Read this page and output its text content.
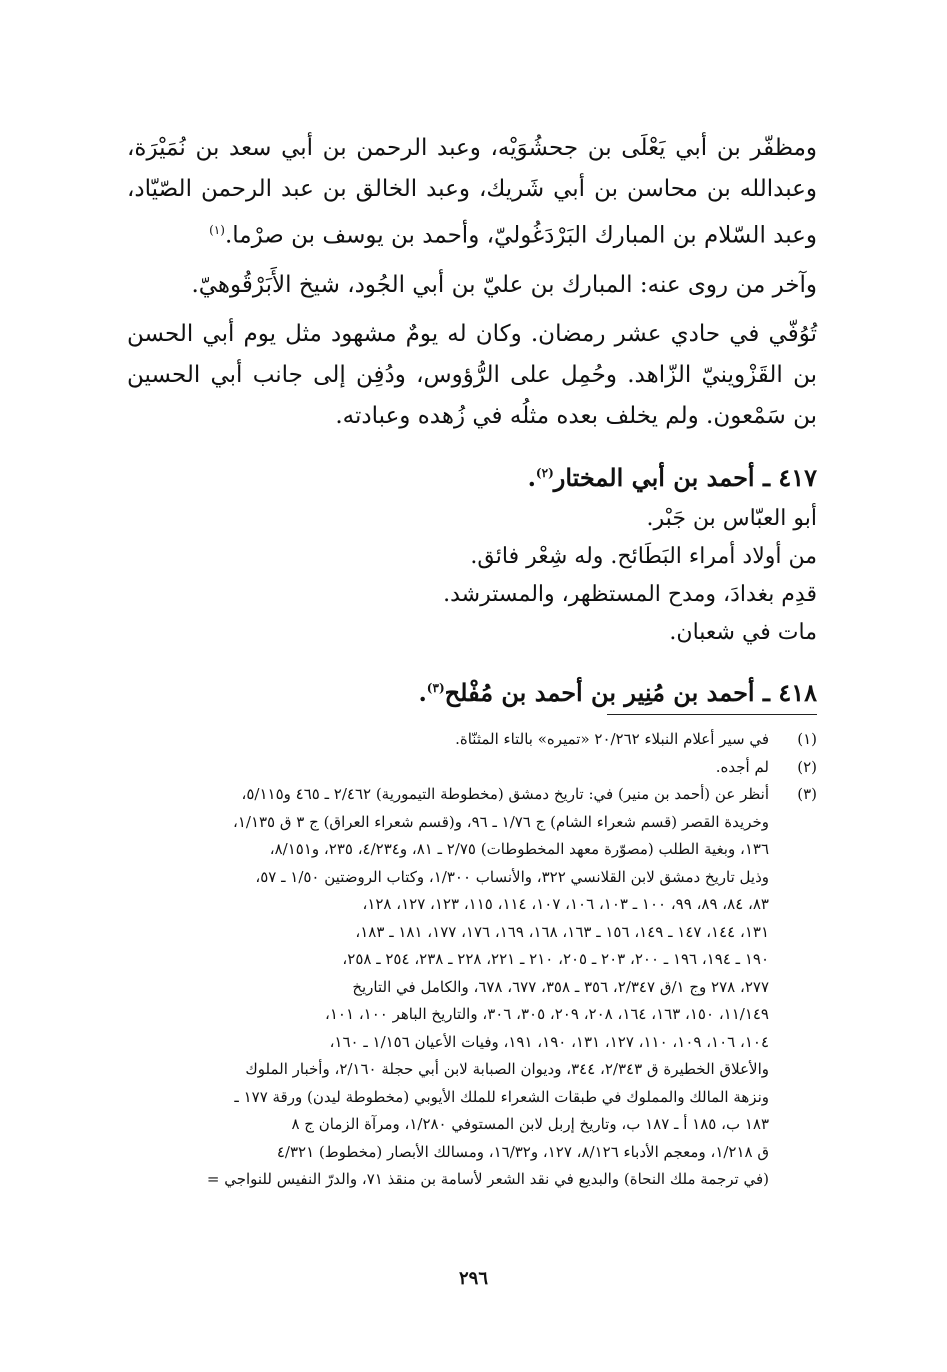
ومظفّر بن أبي يَعْلَى بن جحشُوَيْه، وعبد الرحمن بن أبي سعد بن نُمَيْرَة، وعبدالله بن محاسن بن أبي شَريك، وعبد الخالق بن عبد الرحمن الصّيّاد، وعبد السّلام بن المبارك البَرْدَغُوليّ، وأحمد بن يوسف بن صرْما.$^{(١)}$

وآخر من روى عنه: المبارك بن عليّ بن أبي الجُود، شيخ الأَبَرْقُوهيّ.

تُوُفّي في حادي عشر رمضان. وكان له يومٌ مشهود مثل يوم أبي الحسن بن القَزْوينيّ الزّاهد. وحُمِل على الرُّؤوس، ودُفِن إلى جانب أبي الحسين بن سَمْعون. ولم يخلف بعده مثلُه في زُهده وعبادته.

٤١٧ ـ أحمد بن أبي المختار$^{(٢)}$.
أبو العبّاس بن جَبْر.
من أولاد أمراء البَطَائح. وله شِعْر فائق.
قدِم بغدادَ، ومدح المستظهر، والمسترشد.
مات في شعبان.
٤١٨ ـ أحمد بن مُنِير بن أحمد بن مُفْلح$^{(٣)}$.
(١)
في سير أعلام النبلاء ٢٠/٢٦٢ «تميره» بالتاء المثنّاة.
(٢)
لم أجده.
(٣)
أنظر عن (أحمد بن منير) في: تاريخ دمشق (مخطوطة التيمورية) ٢/٤٦٢ ـ ٤٦٥ و٥/١١٥،
وخريدة القصر (قسم شعراء الشام) ج ١/٧٦ ـ ٩٦، و(قسم شعراء العراق) ج ٣ ق ١/١٣٥،
١٣٦، وبغية الطلب (مصوّرة معهد المخطوطات) ٢/٧٥ ـ ٨١، و٤/٢٣٤، ٢٣٥، و٨/١٥١،
وذيل تاريخ دمشق لابن القلانسي ٣٢٢، والأنساب ١/٣٠٠، وكتاب الروضتين ١/٥٠ ـ ٥٧،
٨٣، ٨٤، ٨٩، ٩٩، ١٠٠ ـ ١٠٣، ١٠٦، ١٠٧، ١١٤، ١١٥، ١٢٣، ١٢٧، ١٢٨،
١٣١، ١٤٤، ١٤٧ ـ ١٤٩، ١٥٦ ـ ١٦٣، ١٦٨، ١٦٩، ١٧٦، ١٧٧، ١٨١ ـ ١٨٣،
١٩٠ ـ ١٩٤، ١٩٦ ـ ٢٠٠، ٢٠٣ ـ ٢٠٥، ٢١٠ ـ ٢٢١، ٢٢٨ ـ ٢٣٨، ٢٥٤ ـ ٢٥٨،
٢٧٧، ٢٧٨ وج ١/ق ٢/٣٤٧، ٣٥٦ ـ ٣٥٨، ٦٧٧، ٦٧٨، والكامل في التاريخ
١١/١٤٩، ١٥٠، ١٦٣، ١٦٤، ٢٠٨، ٢٠٩، ٣٠٥، ٣٠٦، والتاريخ الباهر ١٠٠، ١٠١،
١٠٤، ١٠٦، ١٠٩، ١١٠، ١٢٧، ١٣١، ١٩٠، ١٩١، وفيات الأعيان ١/١٥٦ ـ ١٦٠،
والأعلاق الخطيرة ق ٢/٣٤٣، ٣٤٤، وديوان الصبابة لابن أبي حجلة ٢/١٦٠، وأخبار الملوك
ونزهة المالك والمملوك في طبقات الشعراء للملك الأيوبي (مخطوطة ليدن) ورقة ١٧٧ ـ
١٨٣ ب، ١٨٥ أ ـ ١٨٧ ب، وتاريخ إربل لابن المستوفي ١/٢٨٠، ومرآة الزمان ج ٨
ق ١/٢١٨، ومعجم الأدباء ٨/١٢٦، ١٢٧، و١٦/٣٢، ومسالك الأبصار (مخطوط) ٤/٣٢١
(في ترجمة ملك النحاة) والبديع في نقد الشعر لأسامة بن منقذ ٧١، والدرّ النفيس للنواجي =
٢٩٦
